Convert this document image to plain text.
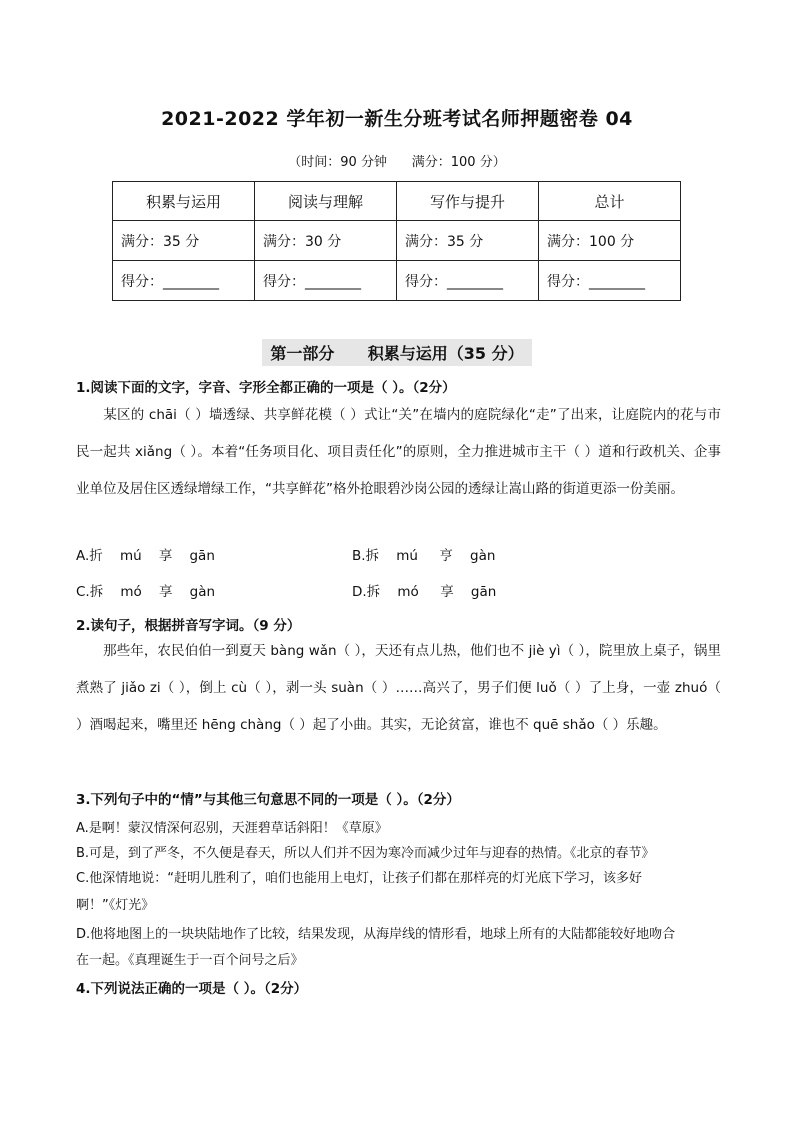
2021-2022 学年初一新生分班考试名师押题密卷 04
（时间：90 分钟      满分：100 分）
积累与运用	阅读与理解	写作与提升	总计
满分：35 分	满分：30 分	满分：35 分	满分：100 分
得分：________	得分：________	得分：________	得分：________
第一部分      积累与运用（35 分）
1.阅读下面的文字，字音、字形全都正确的一项是（ ）。（2分）
　　某区的 chāi（ ）墙透绿、共享鲜花模（ ）式让“关”在墙内的庭院绿化“走”了出来，让庭院内的花与市民一起共 xiǎng（ ）。本着“任务项目化、项目责任化”的原则，全力推进城市主干（ ）道和行政机关、企事业单位及居住区透绿增绿工作，“共享鲜花”格外抢眼碧沙岗公园的透绿让嵩山路的街道更添一份美丽。
A.折    mú    享    gān	B.拆    mú     亨    gàn
C.拆    mó    享    gàn	D.拆    mó     享    gān
2.读句子，根据拼音写字词。（9 分）
　　那些年，农民伯伯一到夏天 bàng wǎn（ ），天还有点儿热，他们也不 jiè yì（ ），院里放上桌子，锅里煮熟了 jiǎo zi（ ），倒上 cù（ ），剥一头 suàn（ ）……高兴了，男子们便 luǒ（ ）了上身，一壶 zhuó（ ）酒喝起来，嘴里还 hēng chàng（ ）起了小曲。其实，无论贫富，谁也不 quē shǎo（ ）乐趣。
3.下列句子中的“情”与其他三句意思不同的一项是（ ）。（2分）
A.是啊！蒙汉情深何忍别，天涯碧草话斜阳！《草原》
B.可是，到了严冬，不久便是春天，所以人们并不因为寒冷而减少过年与迎春的热情。《北京的春节》
C.他深情地说：“赶明儿胜利了，咱们也能用上电灯，让孩子们都在那样亮的灯光底下学习，该多好
啊！”《灯光》
D.他将地图上的一块块陆地作了比较，结果发现，从海岸线的情形看，地球上所有的大陆都能较好地吻合
在一起。《真理诞生于一百个问号之后》
4.下列说法正确的一项是（ ）。（2分）
